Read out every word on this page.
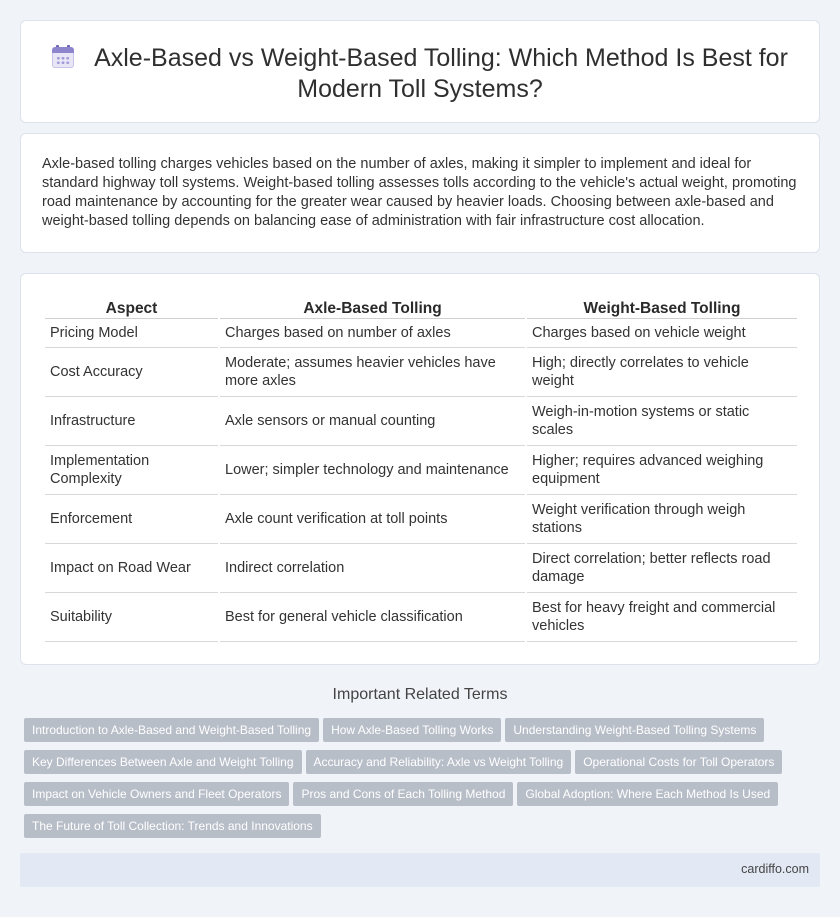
Axle-Based vs Weight-Based Tolling: Which Method Is Best for
Modern Toll Systems?

Axle-based tolling charges vehicles based on the number of axles, making it simpler to implement and ideal for standard highway toll systems. Weight-based tolling assesses tolls according to the vehicle's actual weight, promoting road maintenance by accounting for the greater wear caused by heavier loads. Choosing between axle-based and weight-based tolling depends on balancing ease of administration with fair infrastructure cost allocation.

Aspect	Axle-Based Tolling	Weight-Based Tolling
Pricing Model	Charges based on number of axles	Charges based on vehicle weight
Cost Accuracy	Moderate; assumes heavier vehicles have more axles	High; directly correlates to vehicle weight
Infrastructure	Axle sensors or manual counting	Weigh-in-motion systems or static scales
Implementation Complexity	Lower; simpler technology and maintenance	Higher; requires advanced weighing equipment
Enforcement	Axle count verification at toll points	Weight verification through weigh stations
Impact on Road Wear	Indirect correlation	Direct correlation; better reflects road damage
Suitability	Best for general vehicle classification	Best for heavy freight and commercial vehicles
Important Related Terms
Introduction to Axle-Based and Weight-Based Tolling How Axle-Based Tolling Works Understanding Weight-Based Tolling Systems
Key Differences Between Axle and Weight Tolling Accuracy and Reliability: Axle vs Weight Tolling Operational Costs for Toll Operators
Impact on Vehicle Owners and Fleet Operators Pros and Cons of Each Tolling Method Global Adoption: Where Each Method Is Used
The Future of Toll Collection: Trends and Innovations
cardiffo.com
